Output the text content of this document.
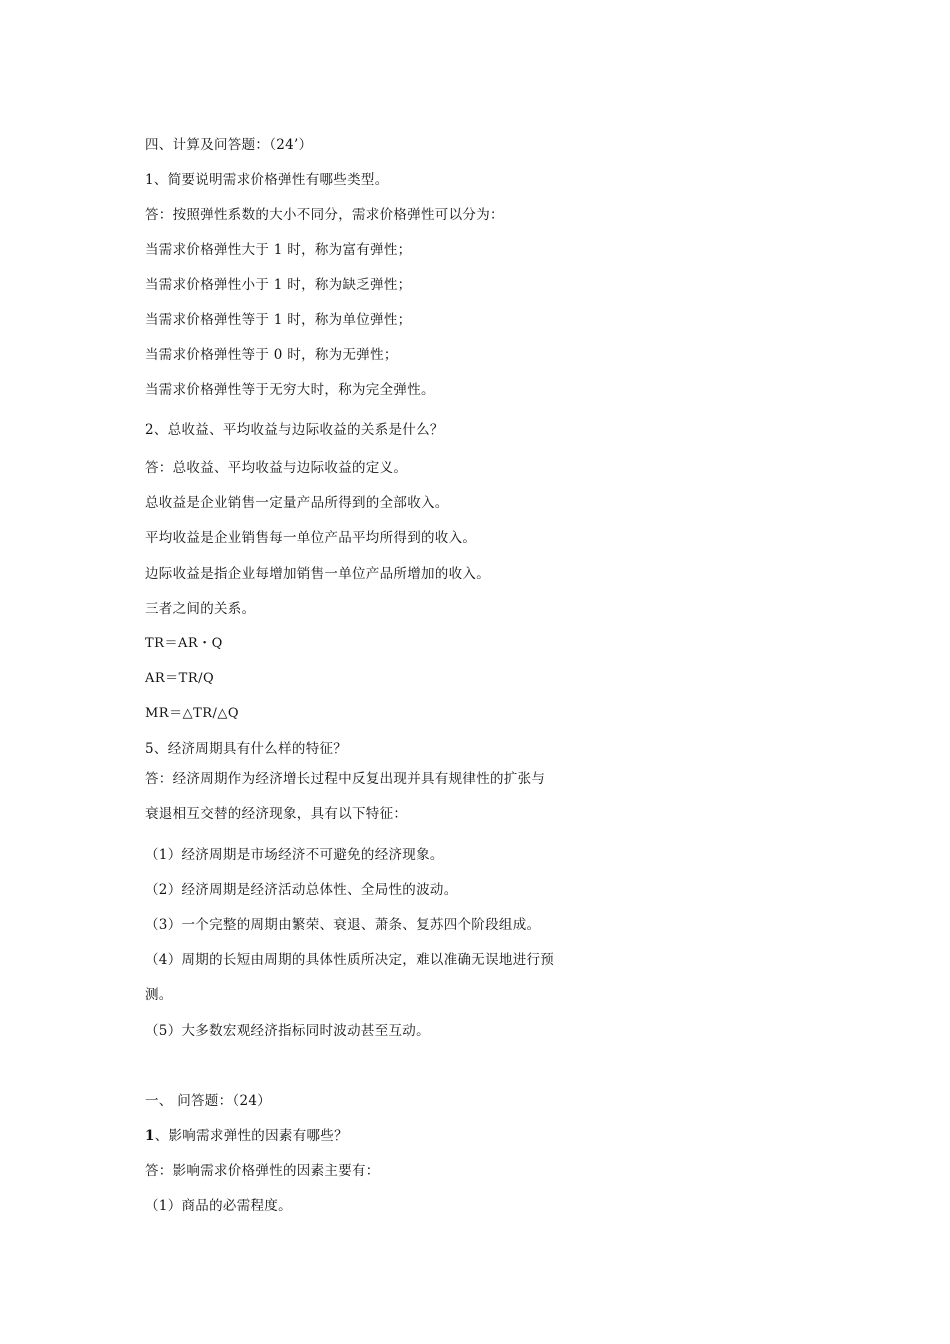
四、计算及问答题：（24’）
1、简要说明需求价格弹性有哪些类型。
答：按照弹性系数的大小不同分，需求价格弹性可以分为：
当需求价格弹性大于 1 时，称为富有弹性；
当需求价格弹性小于 1 时，称为缺乏弹性；
当需求价格弹性等于 1 时，称为单位弹性；
当需求价格弹性等于 0 时，称为无弹性；
当需求价格弹性等于无穷大时，称为完全弹性。
2、总收益、平均收益与边际收益的关系是什么？
答：总收益、平均收益与边际收益的定义。
总收益是企业销售一定量产品所得到的全部收入。
平均收益是企业销售每一单位产品平均所得到的收入。
边际收益是指企业每增加销售一单位产品所增加的收入。
三者之间的关系。
TR＝AR・Q
AR＝TR/Q
MR＝△TR/△Q
5、经济周期具有什么样的特征？
答：经济周期作为经济增长过程中反复出现并具有规律性的扩张与
衰退相互交替的经济现象，具有以下特征：
（1）经济周期是市场经济不可避免的经济现象。
（2）经济周期是经济活动总体性、全局性的波动。
（3）一个完整的周期由繁荣、衰退、萧条、复苏四个阶段组成。
（4）周期的长短由周期的具体性质所决定，难以准确无误地进行预
测。
（5）大多数宏观经济指标同时波动甚至互动。
一、 问答题：（24）
1、影响需求弹性的因素有哪些？
答：影响需求价格弹性的因素主要有：
（1）商品的必需程度。
